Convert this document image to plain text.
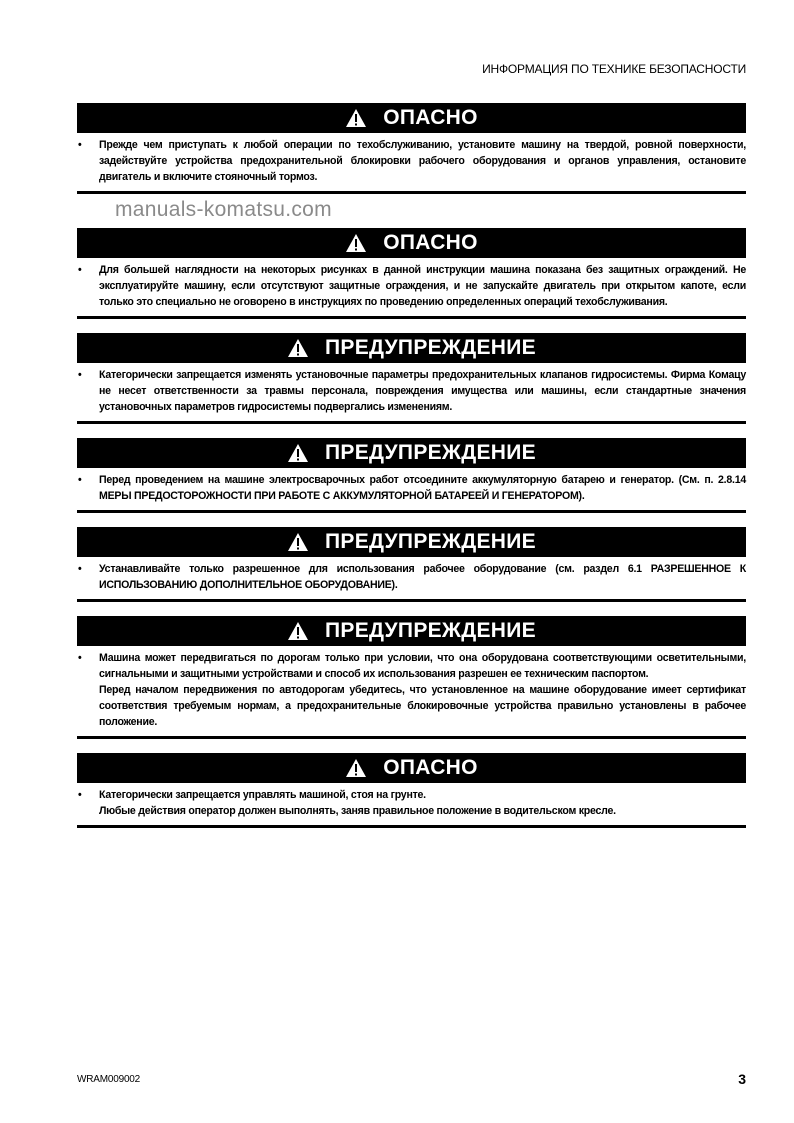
ИНФОРМАЦИЯ ПО ТЕХНИКЕ БЕЗОПАСНОСТИ
ОПАСНО
•	Прежде чем приступать к любой операции по техобслуживанию, установите машину на твердой, ровной поверхности, задействуйте устройства предохранительной блокировки рабочего оборудования и органов управления, остановите двигатель и включите стояночный тормоз.

manuals-komatsu.com
ОПАСНО
•	Для большей наглядности на некоторых рисунках в данной инструкции машина показана без защитных ограждений. Не эксплуатируйте машину, если отсутствуют защитные ограждения, и не запускайте двигатель при открытом капоте, если только это специально не оговорено в инструкциях по проведению определенных операций техобслуживания.

ПРЕДУПРЕЖДЕНИЕ
•	Категорически запрещается изменять установочные параметры предохранительных клапанов гидросистемы. Фирма Комацу не несет ответственности за травмы персонала, повреждения имущества или машины, если стандартные значения установочных параметров гидросистемы подвергались изменениям.

ПРЕДУПРЕЖДЕНИЕ
•	Перед проведением на машине электросварочных работ отсоедините аккумуляторную батарею и генератор. (См. п. 2.8.14 МЕРЫ ПРЕДОСТОРОЖНОСТИ ПРИ РАБОТЕ С АККУМУЛЯТОРНОЙ БАТАРЕЕЙ И ГЕНЕРАТОРОМ).

ПРЕДУПРЕЖДЕНИЕ
•	Устанавливайте только разрешенное для использования рабочее оборудование (см. раздел 6.1 РАЗРЕШЕННОЕ К ИСПОЛЬЗОВАНИЮ ДОПОЛНИТЕЛЬНОЕ ОБОРУДОВАНИЕ).

ПРЕДУПРЕЖДЕНИЕ
•	Машина может передвигаться по дорогам только при условии, что она оборудована соответствующими осветительными, сигнальными и защитными устройствами и способ их использования разрешен ее техническим паспортом.

Перед началом передвижения по автодорогам убедитесь, что установленное на машине оборудование имеет сертификат соответствия требуемым нормам, а предохранительные блокировочные устройства правильно установлены в рабочее положение.

ОПАСНО
•	Категорически запрещается управлять машиной, стоя на грунте.

Любые действия оператор должен выполнять, заняв правильное положение в водительском кресле.

WRAM009002	3
